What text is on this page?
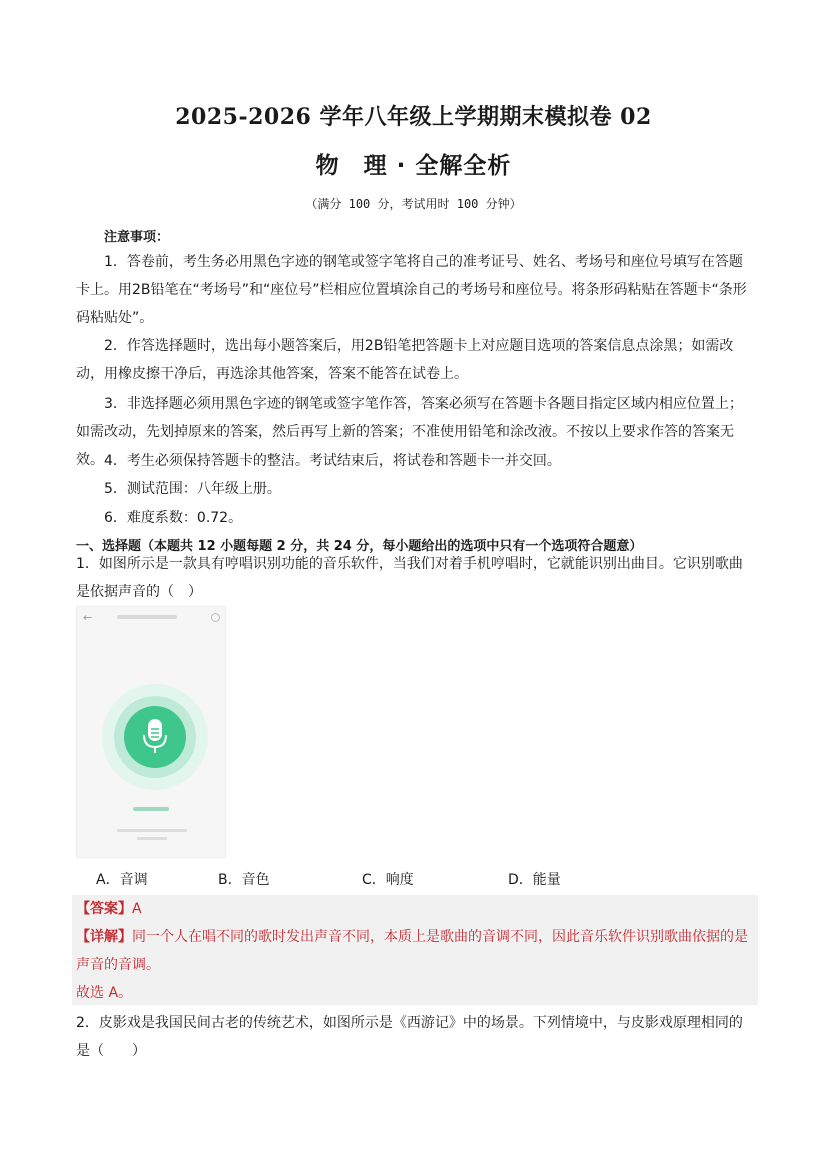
2025-2026 学年八年级上学期期末模拟卷 02
物　理 · 全解全析
（满分 100 分，考试用时 100 分钟）
注意事项：
1．答卷前，考生务必用黑色字迹的钢笔或签字笔将自己的准考证号、姓名、考场号和座位号填写在答题卡上。用2B铅笔在“考场号”和“座位号”栏相应位置填涂自己的考场号和座位号。将条形码粘贴在答题卡“条形码粘贴处”。
2．作答选择题时，选出每小题答案后，用2B铅笔把答题卡上对应题目选项的答案信息点涂黑；如需改动，用橡皮擦干净后，再选涂其他答案，答案不能答在试卷上。
3．非选择题必须用黑色字迹的钢笔或签字笔作答，答案必须写在答题卡各题目指定区域内相应位置上；如需改动，先划掉原来的答案，然后再写上新的答案；不准使用铅笔和涂改液。不按以上要求作答的答案无效。 4．考生必须保持答题卡的整洁。考试结束后，将试卷和答题卡一并交回。
5．测试范围：八年级上册。
6．难度系数：0.72。
一、选择题（本题共 12 小题每题 2 分，共 24 分，每小题给出的选项中只有一个选项符合题意）
1．如图所示是一款具有哼唱识别功能的音乐软件，当我们对着手机哼唱时，它就能识别出曲目。它识别歌曲是依据声音的（　）
←
A．音调	B．音色	C．响度	D．能量
【答案】A
【详解】同一个人在唱不同的歌时发出声音不同，本质上是歌曲的音调不同，因此音乐软件识别歌曲依据的是声音的音调。
故选 A。
2．皮影戏是我国民间古老的传统艺术，如图所示是《西游记》中的场景。下列情境中，与皮影戏原理相同的是（　　）
